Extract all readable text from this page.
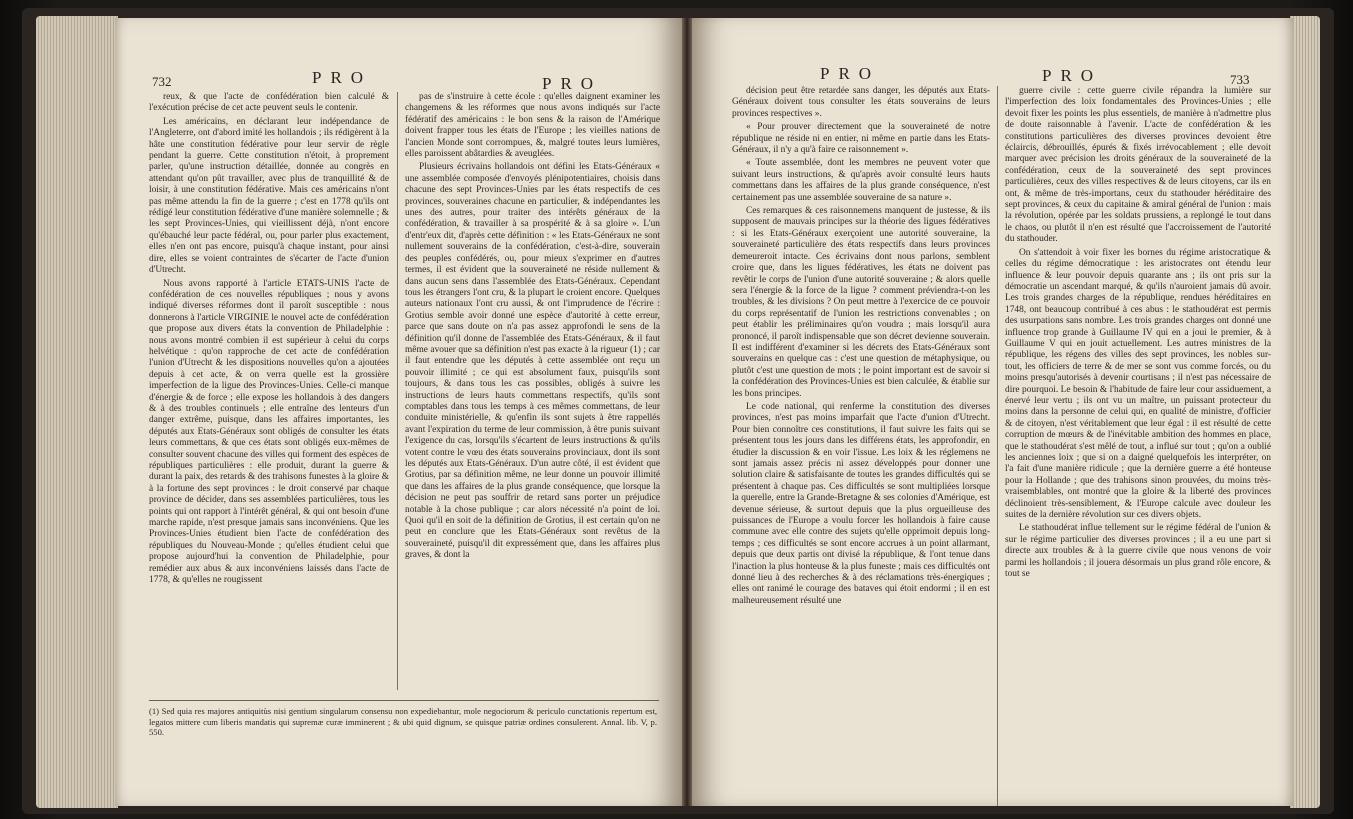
732	PRO	PRO
PRO	PRO	733

reux, & que l'acte de confédération bien calculé & l'exécution précise de cet acte peuvent seuls le contenir.

Les américains, en déclarant leur indépendance de l'Angleterre, ont d'abord imité les hollandois ; ils rédigèrent à la hâte une constitution fédérative pour leur servir de règle pendant la guerre. Cette constitution n'étoit, à proprement parler, qu'une instruction détaillée, donnée au congrès en attendant qu'on pût travailler, avec plus de tranquillité & de loisir, à une constitution fédérative. Mais ces américains n'ont pas même attendu la fin de la guerre ; c'est en 1778 qu'ils ont rédigé leur constitution fédérative d'une manière solemnelle ; & les sept Provinces-Unies, qui vieillissent déjà, n'ont encore qu'ébauché leur pacte fédéral, ou, pour parler plus exactement, elles n'en ont pas encore, puisqu'à chaque instant, pour ainsi dire, elles se voient contraintes de s'écarter de l'acte d'union d'Utrecht.

Nous avons rapporté à l'article ETATS-UNIS l'acte de confédération de ces nouvelles républiques ; nous y avons indiqué diverses réformes dont il paroît susceptible : nous donnerons à l'article VIRGINIE le nouvel acte de confédération que propose aux divers états la convention de Philadelphie : nous avons montré combien il est supérieur à celui du corps helvétique : qu'on rapproche de cet acte de confédération l'union d'Utrecht & les dispositions nouvelles qu'on a ajoutées depuis à cet acte, & on verra quelle est la grossière imperfection de la ligue des Provinces-Unies. Celle-ci manque d'énergie & de force ; elle expose les hollandois à des dangers & à des troubles continuels ; elle entraîne des lenteurs d'un danger extrême, puisque, dans les affaires importantes, les députés aux Etats-Généraux sont obligés de consulter les états leurs commettans, & que ces états sont obligés eux-mêmes de consulter souvent chacune des villes qui forment des espèces de républiques particulières : elle produit, durant la guerre & durant la paix, des retards & des trahisons funestes à la gloire & à la fortune des sept provinces : le droit conservé par chaque province de décider, dans ses assemblées particulières, tous les points qui ont rapport à l'intérêt général, & qui ont besoin d'une marche rapide, n'est presque jamais sans inconvéniens. Que les Provinces-Unies étudient bien l'acte de confédération des républiques du Nouveau-Monde ; qu'elles étudient celui que propose aujourd'hui la convention de Philadelphie, pour remédier aux abus & aux inconvéniens laissés dans l'acte de 1778, & qu'elles ne rougissent

pas de s'instruire à cette école : qu'elles daignent examiner les changemens & les réformes que nous avons indiqués sur l'acte fédératif des américains : le bon sens & la raison de l'Amérique doivent frapper tous les états de l'Europe ; les vieilles nations de l'ancien Monde sont corrompues, &, malgré toutes leurs lumières, elles paroissent abâtardies & aveuglées.

Plusieurs écrivains hollandois ont défini les Etats-Généraux « une assemblée composée d'envoyés plénipotentiaires, choisis dans chacune des sept Provinces-Unies par les états respectifs de ces provinces, souveraines chacune en particulier, & indépendantes les unes des autres, pour traiter des intérêts généraux de la confédération, & travailler à sa prospérité & à sa gloire ». L'un d'entr'eux dit, d'après cette définition : « les Etats-Généraux ne sont nullement souverains de la confédération, c'est-à-dire, souverain des peuples confédérés, ou, pour mieux s'exprimer en d'autres termes, il est évident que la souveraineté ne réside nullement & dans aucun sens dans l'assemblée des Etats-Généraux. Cependant tous les étrangers l'ont cru, & la plupart le croient encore. Quelques auteurs nationaux l'ont cru aussi, & ont l'imprudence de l'écrire : Grotius semble avoir donné une espèce d'autorité à cette erreur, parce que sans doute on n'a pas assez approfondi le sens de la définition qu'il donne de l'assemblée des Etats-Généraux, & il faut même avouer que sa définition n'est pas exacte à la rigueur (1) ; car il faut entendre que les députés à cette assemblée ont reçu un pouvoir illimité ; ce qui est absolument faux, puisqu'ils sont toujours, & dans tous les cas possibles, obligés à suivre les instructions de leurs hauts commettans respectifs, qu'ils sont comptables dans tous les temps à ces mêmes commettans, de leur conduite ministérielle, & qu'enfin ils sont sujets à être rappellés avant l'expiration du terme de leur commission, à être punis suivant l'exigence du cas, lorsqu'ils s'écartent de leurs instructions & qu'ils votent contre le vœu des états souverains provinciaux, dont ils sont les députés aux Etats-Généraux. D'un autre côté, il est évident que Grotius, par sa définition même, ne leur donne un pouvoir illimité que dans les affaires de la plus grande conséquence, que lorsque la décision ne peut pas souffrir de retard sans porter un préjudice notable à la chose publique ; car alors nécessité n'a point de loi. Quoi qu'il en soit de la définition de Grotius, il est certain qu'on ne peut en conclure que les Etats-Généraux sont revêtus de la souveraineté, puisqu'il dit expressément que, dans les affaires plus graves, & dont la

(1) Sed quia res majores antiquitùs nisi gentium singularum consensu non expediebantur, mole negociorum & periculo cunctationis repertum est, legatos mittere cum liberis mandatis qui supremæ curæ imminerent ; & ubi quid dignum, se quisque patriæ ordines consulerent. Annal. lib. V, p. 550.

décision peut être retardée sans danger, les députés aux Etats-Généraux doivent tous consulter les états souverains de leurs provinces respectives ».

« Pour prouver directement que la souveraineté de notre république ne réside ni en entier, ni même en partie dans les Etats-Généraux, il n'y a qu'à faire ce raisonnement ».

« Toute assemblée, dont les membres ne peuvent voter que suivant leurs instructions, & qu'après avoir consulté leurs hauts commettans dans les affaires de la plus grande conséquence, n'est certainement pas une assemblée souveraine de sa nature ».

Ces remarques & ces raisonnemens manquent de justesse, & ils supposent de mauvais principes sur la théorie des ligues fédératives : si les Etats-Généraux exerçoient une autorité souveraine, la souveraineté particulière des états respectifs dans leurs provinces demeureroit intacte. Ces écrivains dont nous parlons, semblent croire que, dans les ligues fédératives, les états ne doivent pas revêtir le corps de l'union d'une autorité souveraine ; & alors quelle sera l'énergie & la force de la ligue ? comment préviendra-t-on les troubles, & les divisions ? On peut mettre à l'exercice de ce pouvoir du corps représentatif de l'union les restrictions convenables ; on peut établir les préliminaires qu'on voudra ; mais lorsqu'il aura prononcé, il paroît indispensable que son décret devienne souverain. Il est indifférent d'examiner si les décrets des Etats-Généraux sont souverains en quelque cas : c'est une question de métaphysique, ou plutôt c'est une question de mots ; le point important est de savoir si la confédération des Provinces-Unies est bien calculée, & établie sur les bons principes.

Le code national, qui renferme la constitution des diverses provinces, n'est pas moins imparfait que l'acte d'union d'Utrecht. Pour bien connoître ces constitutions, il faut suivre les faits qui se présentent tous les jours dans les différens états, les approfondir, en étudier la discussion & en voir l'issue. Les loix & les réglemens ne sont jamais assez précis ni assez développés pour donner une solution claire & satisfaisante de toutes les grandes difficultés qui se présentent à chaque pas. Ces difficultés se sont multipliées lorsque la querelle, entre la Grande-Bretagne & ses colonies d'Amérique, est devenue sérieuse, & surtout depuis que la plus orgueilleuse des puissances de l'Europe a voulu forcer les hollandois à faire cause commune avec elle contre des sujets qu'elle opprimoit depuis long-temps ; ces difficultés se sont encore accrues à un point allarmant, depuis que deux partis ont divisé la république, & l'ont tenue dans l'inaction la plus honteuse & la plus funeste ; mais ces difficultés ont donné lieu à des recherches & à des réclamations très-énergiques ; elles ont ranimé le courage des bataves qui étoit endormi ; il en est malheureusement résulté une

guerre civile : cette guerre civile répandra la lumière sur l'imperfection des loix fondamentales des Provinces-Unies ; elle devoit fixer les points les plus essentiels, de manière à n'admettre plus de doute raisonnable à l'avenir. L'acte de confédération & les constitutions particulières des diverses provinces devoient être éclaircis, débrouillés, épurés & fixés irrévocablement ; elle devoit marquer avec précision les droits généraux de la souveraineté de la confédération, ceux de la souveraineté des sept provinces particulières, ceux des villes respectives & de leurs citoyens, car ils en ont, & même de très-importans, ceux du stathouder héréditaire des sept provinces, & ceux du capitaine & amiral général de l'union : mais la révolution, opérée par les soldats prussiens, a replongé le tout dans le chaos, ou plutôt il n'en est résulté que l'accroissement de l'autorité du stathouder.

On s'attendoit à voir fixer les bornes du régime aristocratique & celles du régime démocratique : les aristocrates ont étendu leur influence & leur pouvoir depuis quarante ans ; ils ont pris sur la démocratie un ascendant marqué, & qu'ils n'auroient jamais dû avoir. Les trois grandes charges de la république, rendues héréditaires en 1748, ont beaucoup contribué à ces abus : le stathoudérat est permis des usurpations sans nombre. Les trois grandes charges ont donné une influence trop grande à Guillaume IV qui en a joui le premier, & à Guillaume V qui en jouit actuellement. Les autres ministres de la république, les régens des villes des sept provinces, les nobles sur-tout, les officiers de terre & de mer se sont vus comme forcés, ou du moins presqu'autorisés à devenir courtisans ; il n'est pas nécessaire de dire pourquoi. Le besoin & l'habitude de faire leur cour assiduement, a énervé leur vertu ; ils ont vu un maître, un puissant protecteur du moins dans la personne de celui qui, en qualité de ministre, d'officier & de citoyen, n'est véritablement que leur égal : il est résulté de cette corruption de mœurs & de l'inévitable ambition des hommes en place, que le stathoudérat s'est mêlé de tout, a influé sur tout ; qu'on a oublié les anciennes loix ; que si on a daigné quelquefois les interpréter, on l'a fait d'une manière ridicule ; que la dernière guerre a été honteuse pour la Hollande ; que des trahisons sinon prouvées, du moins très-vraisemblables, ont montré que la gloire & la liberté des provinces déclinoient très-sensiblement, & l'Europe calcule avec douleur les suites de la dernière révolution sur ces divers objets.

Le stathoudérat influe tellement sur le régime fédéral de l'union & sur le régime particulier des diverses provinces ; il a eu une part si directe aux troubles & à la guerre civile que nous venons de voir parmi les hollandois ; il jouera désormais un plus grand rôle encore, & tout se
